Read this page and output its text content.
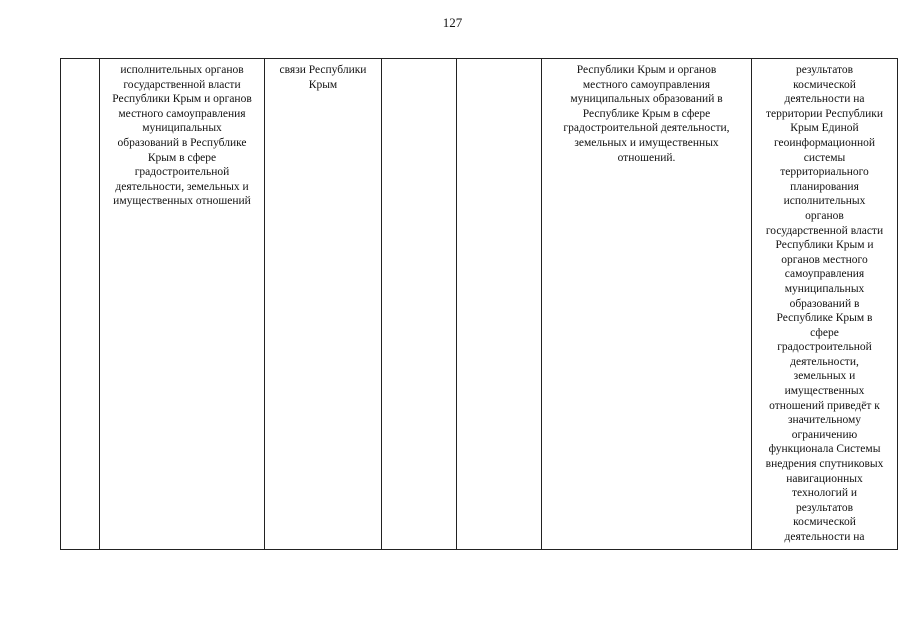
127
	исполнительных органов
государственной власти
Республики Крым и органов
местного самоуправления
муниципальных
образований в Республике
Крым в сфере
градостроительной
деятельности, земельных и
имущественных отношений	связи Республики
Крым			Республики Крым и органов
местного самоуправления
муниципальных образований в
Республике Крым в сфере
градостроительной деятельности,
земельных и имущественных
отношений.	результатов
космической
деятельности на
территории Республики
Крым Единой
геоинформационной
системы
территориального
планирования
исполнительных
органов
государственной власти
Республики Крым и
органов местного
самоуправления
муниципальных
образований в
Республике Крым в
сфере
градостроительной
деятельности,
земельных и
имущественных
отношений приведёт к
значительному
ограничению
функционала Системы
внедрения спутниковых
навигационных
технологий и
результатов
космической
деятельности на
